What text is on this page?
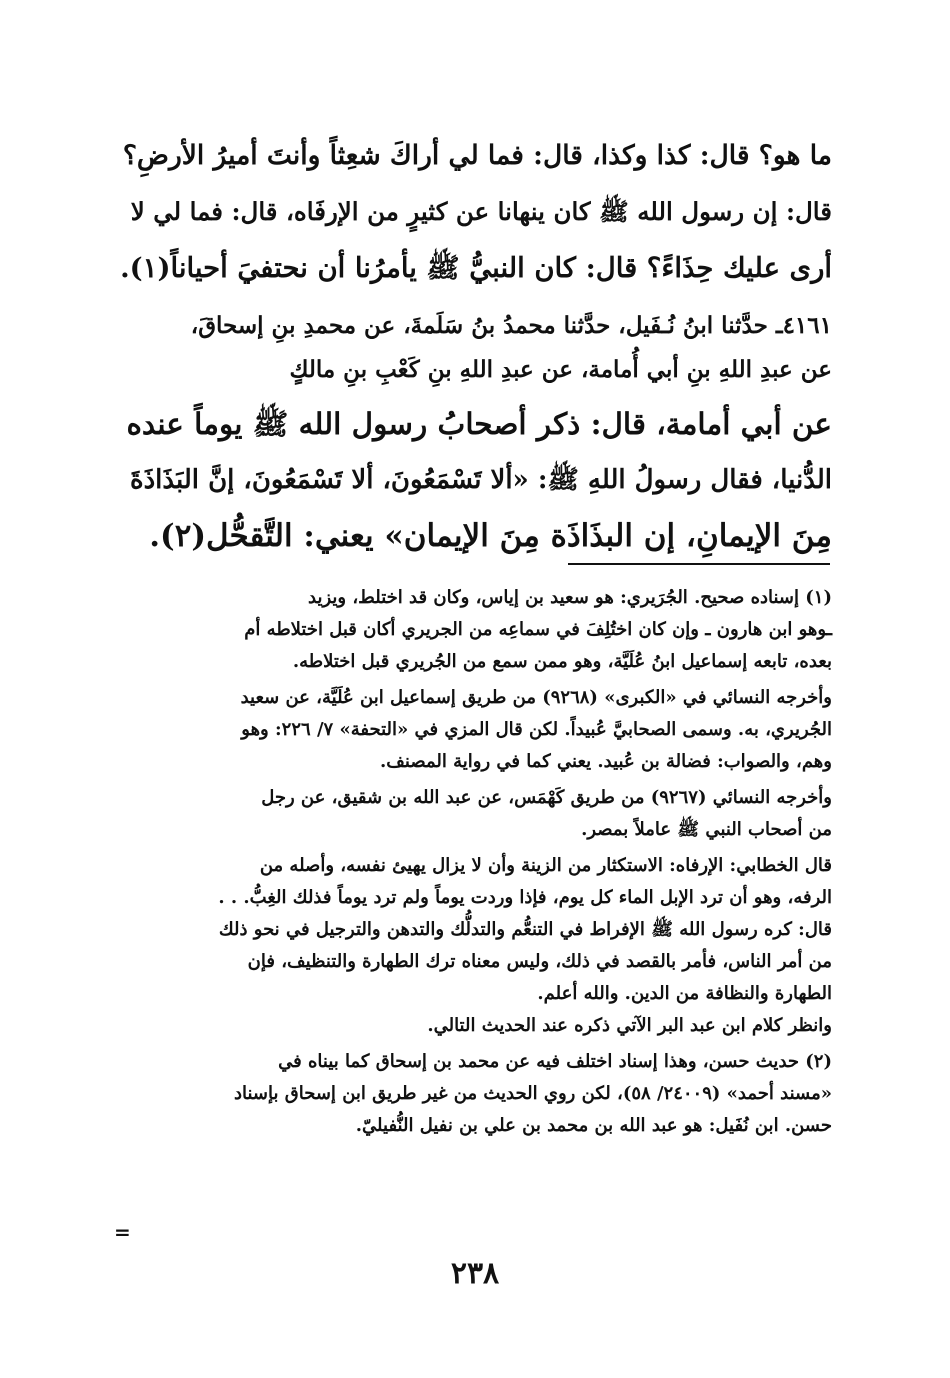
ما هو؟ قال: كذا وكذا، قال: فما لي أراكَ شعِثاً وأنتَ أميرُ الأرضِ؟
قال: إن رسول الله ﷺ كان ينهانا عن كثيرٍ من الإرفَاه، قال: فما لي لا
أرى عليك حِذَاءً؟ قال: كان النبيُّ ﷺ يأمرُنا أن نحتفيَ أحياناً(١).
٤١٦١ـ حدَّثنا ابنُ نُـفَيل، حدَّثنا محمدُ بنُ سَلَمةَ، عن محمدِ بنِ إسحاقَ،
عن عبدِ اللهِ بنِ أبي أُمامة، عن عبدِ اللهِ بنِ كَعْبِ بنِ مالكٍ
عن أبي أمامة، قال: ذكر أصحابُ رسول الله ﷺ يوماً عنده
الدُّنيا، فقال رسولُ اللهِ ﷺ: «ألا تَسْمَعُونَ، ألا تَسْمَعُونَ، إنَّ البَذَاذَةَ
مِنَ الإيمانِ، إن البذَاذَة مِنَ الإيمان» يعني: التَّقحُّل(٢).
(١) إسناده صحيح. الجُرَيري: هو سعيد بن إياس، وكان قد اختلط، ويزيد
ـوهو ابن هارون ـ وإن كان اختُلِفَ في سماعِه من الجريري أكان قبل اختلاطه أم
بعده، تابعه إسماعيل ابنُ عُلَيَّة، وهو ممن سمع من الجُريري قبل اختلاطه.
وأخرجه النسائي في «الكبرى» (٩٢٦٨) من طريق إسماعيل ابن عُلَيَّة، عن سعيد
الجُريري، به. وسمى الصحابيَّ عُبيداً. لكن قال المزي في «التحفة» ٧/ ٢٢٦: وهو
وهم، والصواب: فضالة بن عُبيد. يعني كما في رواية المصنف.
وأخرجه النسائي (٩٢٦٧) من طريق كَهْمَس، عن عبد الله بن شقيق، عن رجل
من أصحاب النبي ﷺ عاملاً بمصر.
قال الخطابي: الإرفاه: الاستكثار من الزينة وأن لا يزال يهيئ نفسه، وأصله من
الرفه، وهو أن ترد الإبل الماء كل يوم، فإذا وردت يوماً ولم ترد يوماً فذلك الغِبُّ. . .
قال: كره رسول الله ﷺ الإفراط في التنعُّم والتدلُّك والتدهن والترجيل في نحو ذلك
من أمر الناس، فأمر بالقصد في ذلك، وليس معناه ترك الطهارة والتنظيف، فإن
الطهارة والنظافة من الدين. والله أعلم.
وانظر كلام ابن عبد البر الآتي ذكره عند الحديث التالي.
(٢) حديث حسن، وهذا إسناد اختلف فيه عن محمد بن إسحاق كما بيناه في
«مسند أحمد» (٢٤٠٠٩/ ٥٨)، لكن روي الحديث من غير طريق ابن إسحاق بإسناد
حسن. ابن نُفَيل: هو عبد الله بن محمد بن علي بن نفيل النُّفيليّ.
=
٢٣٨
